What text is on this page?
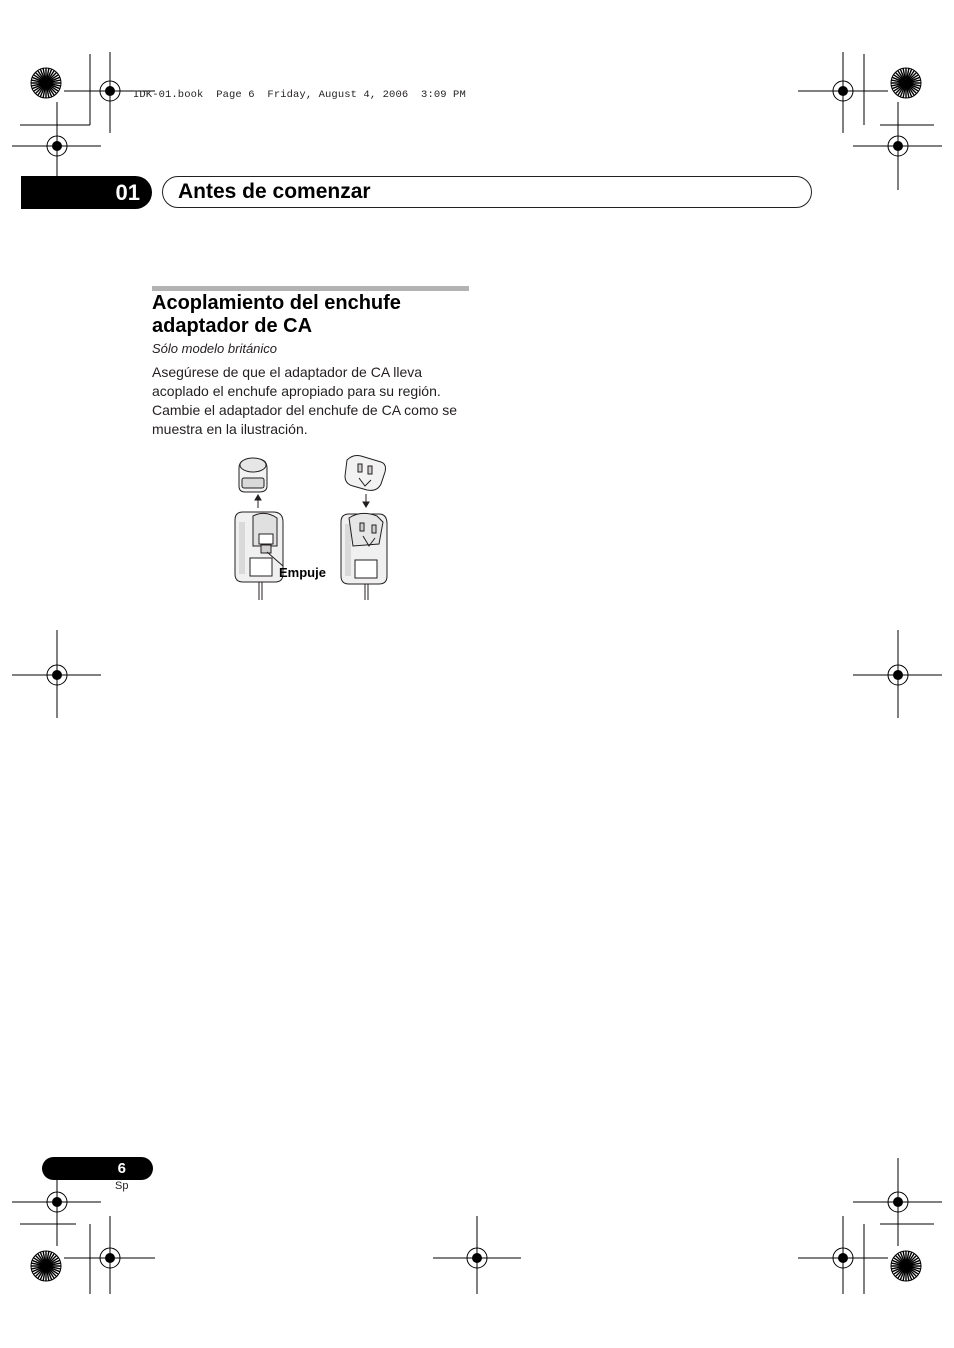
IDK-01.book  Page 6  Friday, August 4, 2006  3:09 PM
01 Antes de comenzar
Acoplamiento del enchufe adaptador de CA
Sólo modelo británico
Asegúrese de que el adaptador de CA lleva acoplado el enchufe apropiado para su región. Cambie el adaptador del enchufe de CA como se muestra en la ilustración.
Empuje
6
Sp
